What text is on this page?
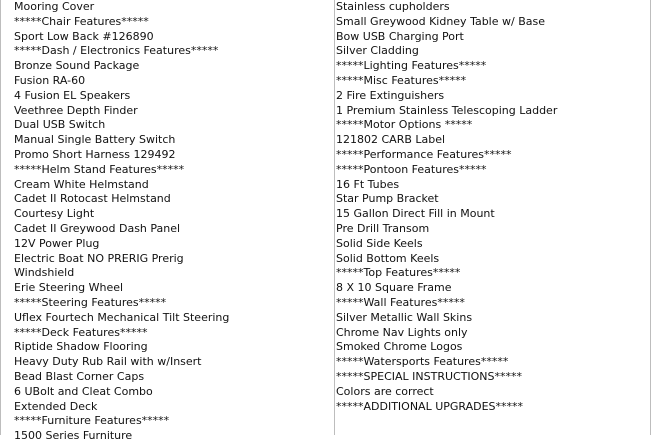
Mooring Cover
*****Chair Features*****
Sport Low Back #126890
*****Dash / Electronics Features*****
Bronze Sound Package
Fusion RA-60
4 Fusion EL Speakers
Veethree Depth Finder
Dual USB Switch
Manual Single Battery Switch
Promo Short Harness 129492
*****Helm Stand Features*****
Cream White Helmstand
Cadet II Rotocast Helmstand
Courtesy Light
Cadet II Greywood Dash Panel
12V Power Plug
Electric Boat NO PRERIG Prerig
Windshield
Erie Steering Wheel
*****Steering Features*****
Uflex Fourtech Mechanical Tilt Steering
*****Deck Features*****
Riptide Shadow Flooring
Heavy Duty Rub Rail with w/Insert
Bead Blast Corner Caps
6 UBolt and Cleat Combo
Extended Deck
*****Furniture Features*****
1500 Series Furniture
Stainless cupholders
Small Greywood Kidney Table w/ Base
Bow USB Charging Port
Silver Cladding
*****Lighting Features*****
*****Misc Features*****
2 Fire Extinguishers
1 Premium Stainless Telescoping Ladder
*****Motor Options *****
121802 CARB Label
*****Performance Features*****
*****Pontoon Features*****
16 Ft Tubes
Star Pump Bracket
15 Gallon Direct Fill in Mount
Pre Drill Transom
Solid Side Keels
Solid Bottom Keels
*****Top Features*****
8 X 10 Square Frame
*****Wall Features*****
Silver Metallic Wall Skins
Chrome Nav Lights only
Smoked Chrome Logos
*****Watersports Features*****
*****SPECIAL INSTRUCTIONS*****
Colors are correct
*****ADDITIONAL UPGRADES*****
